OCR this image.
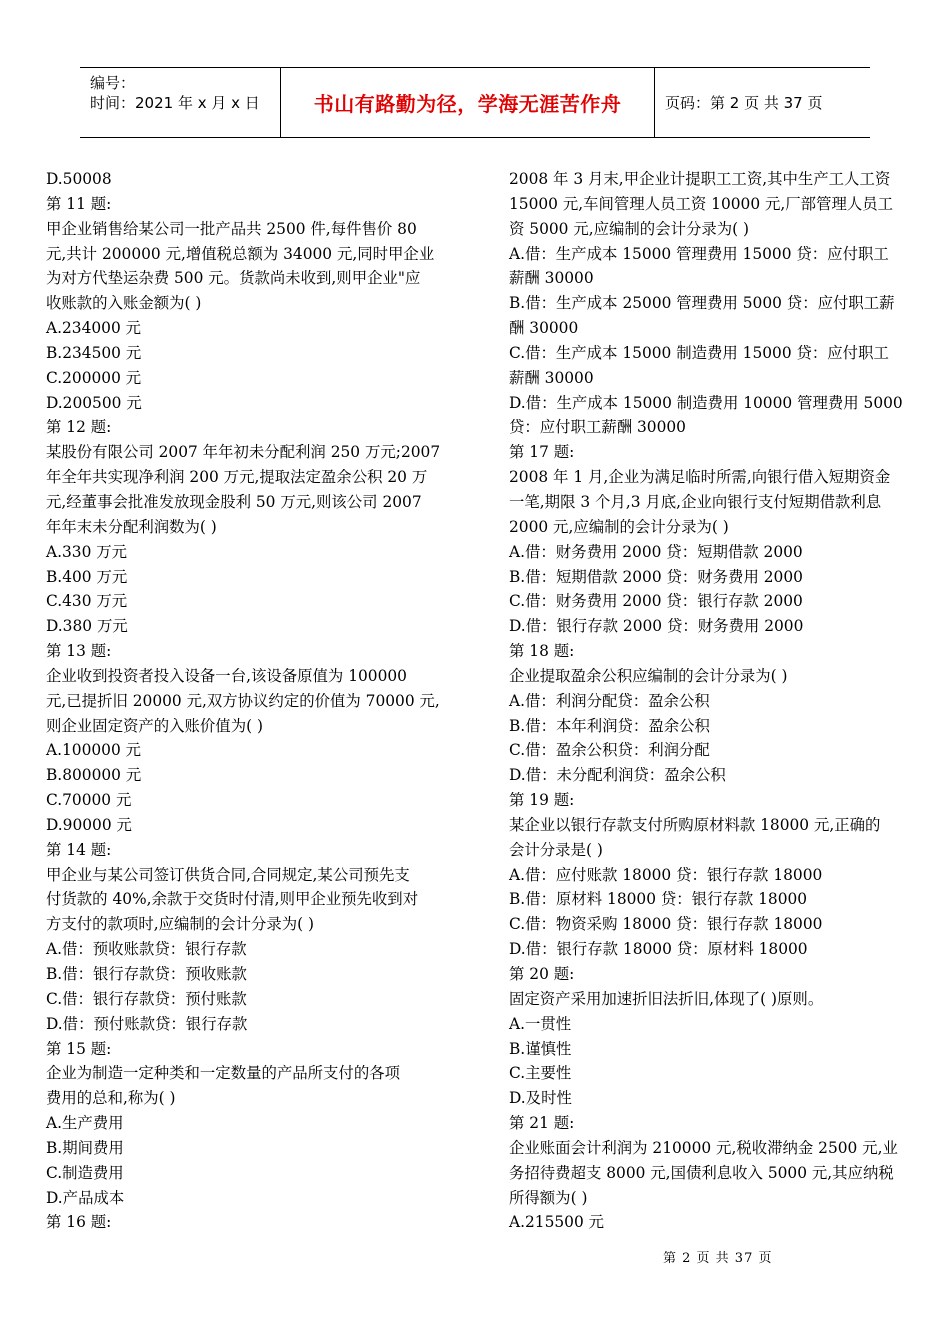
编号：
时间：2021 年 x 月 x 日	书山有路勤为径，学海无涯苦作舟	页码：第 2 页 共 37 页
D.50008
第 11 题:
甲企业销售给某公司一批产品共 2500 件,每件售价 80
元,共计 200000 元,增值税总额为 34000 元,同时甲企业
为对方代垫运杂费 500 元。货款尚未收到,则甲企业"应
收账款的入账金额为( )
A.234000 元
B.234500 元
C.200000 元
D.200500 元
第 12 题:
某股份有限公司 2007 年年初未分配利润 250 万元;2007
年全年共实现净利润 200 万元,提取法定盈余公积 20 万
元,经董事会批准发放现金股利 50 万元,则该公司 2007
年年末未分配利润数为( )
A.330 万元
B.400 万元
C.430 万元
D.380 万元
第 13 题:
企业收到投资者投入设备一台,该设备原值为 100000
元,已提折旧 20000 元,双方协议约定的价值为 70000 元,
则企业固定资产的入账价值为( )
A.100000 元
B.800000 元
C.70000 元
D.90000 元
第 14 题:
甲企业与某公司签订供货合同,合同规定,某公司预先支
付货款的 40%,余款于交货时付清,则甲企业预先收到对
方支付的款项时,应编制的会计分录为( )
A.借：预收账款贷：银行存款
B.借：银行存款贷：预收账款
C.借：银行存款贷：预付账款
D.借：预付账款贷：银行存款
第 15 题:
企业为制造一定种类和一定数量的产品所支付的各项
费用的总和,称为( )
A.生产费用
B.期间费用
C.制造费用
D.产品成本
第 16 题:
2008 年 3 月末,甲企业计提职工工资,其中生产工人工资
15000 元,车间管理人员工资 10000 元,厂部管理人员工
资 5000 元,应编制的会计分录为( )
A.借：生产成本 15000 管理费用 15000 贷：应付职工
薪酬 30000
B.借：生产成本 25000 管理费用 5000 贷：应付职工薪
酬 30000
C.借：生产成本 15000 制造费用 15000 贷：应付职工
薪酬 30000
D.借：生产成本 15000 制造费用 10000 管理费用 5000
贷：应付职工薪酬 30000
第 17 题:
2008 年 1 月,企业为满足临时所需,向银行借入短期资金
一笔,期限 3 个月,3 月底,企业向银行支付短期借款利息
2000 元,应编制的会计分录为( )
A.借：财务费用 2000 贷：短期借款 2000
B.借：短期借款 2000 贷：财务费用 2000
C.借：财务费用 2000 贷：银行存款 2000
D.借：银行存款 2000 贷：财务费用 2000
第 18 题:
企业提取盈余公积应编制的会计分录为( )
A.借：利润分配贷：盈余公积
B.借：本年利润贷：盈余公积
C.借：盈余公积贷：利润分配
D.借：未分配利润贷：盈余公积
第 19 题:
某企业以银行存款支付所购原材料款 18000 元,正确的
会计分录是( )
A.借：应付账款 18000 贷：银行存款 18000
B.借：原材料 18000 贷：银行存款 18000
C.借：物资采购 18000 贷：银行存款 18000
D.借：银行存款 18000 贷：原材料 18000
第 20 题:
固定资产采用加速折旧法折旧,体现了( )原则。
A.一贯性
B.谨慎性
C.主要性
D.及时性
第 21 题:
企业账面会计利润为 210000 元,税收滞纳金 2500 元,业
务招待费超支 8000 元,国债利息收入 5000 元,其应纳税
所得额为( )
A.215500 元
第 2 页 共 37 页
